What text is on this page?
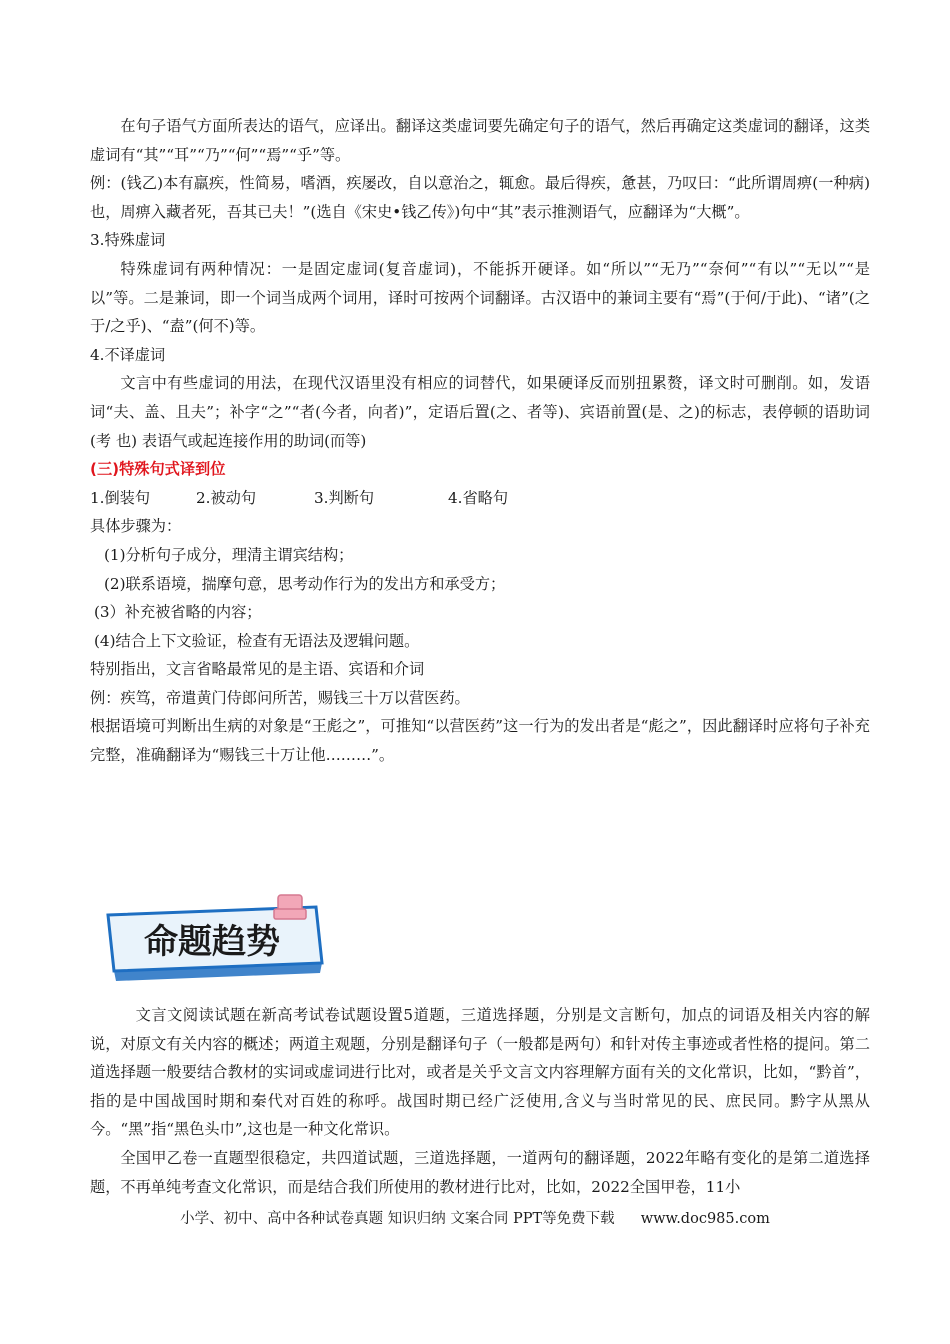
在句子语气方面所表达的语气，应译出。翻译这类虚词要先确定句子的语气，然后再确定这类虚词的翻译，这类虚词有“其”“耳”“乃”“何”“焉”“乎”等。

例：(钱乙)本有羸疾，性简易，嗜酒，疾屡改，自以意治之，辄愈。最后得疾，惫甚，乃叹曰：“此所谓周痹(一种病)也，周痹入藏者死，吾其已夫！”(选自《宋史•钱乙传》)句中“其”表示推测语气，应翻译为“大概”。

3.特殊虚词

特殊虚词有两种情况：一是固定虚词(复音虚词)，不能拆开硬译。如“所以”“无乃”“奈何”“有以”“无以”“是以”等。二是兼词，即一个词当成两个词用，译时可按两个词翻译。古汉语中的兼词主要有“焉”(于何/于此)、“诸”(之于/之乎)、“盍”(何不)等。

4.不译虚词

文言中有些虚词的用法，在现代汉语里没有相应的词替代，如果硬译反而别扭累赘，译文时可删削。如，发语词“夫、盖、且夫”；补字“之”“者(今者，向者)”，定语后置(之、者等)、宾语前置(是、之)的标志，表停顿的语助词(考 也) 表语气或起连接作用的助词(而等)

(三)特殊句式译到位

1.倒装句	2.被动句	3.判断句	4.省略句

具体步骤为：

(1)分析句子成分，理清主谓宾结构；

(2)联系语境，揣摩句意，思考动作行为的发出方和承受方；

(3）补充被省略的内容；

(4)结合上下文验证，检查有无语法及逻辑问题。

特别指出，文言省略最常见的是主语、宾语和介词

例：疾笃，帝遣黄门侍郎问所苦，赐钱三十万以营医药。

根据语境可判断出生病的对象是“王彪之”，可推知“以营医药”这一行为的发出者是“彪之”，因此翻译时应将句子补充完整，准确翻译为“赐钱三十万让他………”。

命题趋势

文言文阅读试题在新高考试卷试题设置5道题，三道选择题，分别是文言断句，加点的词语及相关内容的解说，对原文有关内容的概述；两道主观题，分别是翻译句子（一般都是两句）和针对传主事迹或者性格的提问。第二道选择题一般要结合教材的实词或虚词进行比对，或者是关乎文言文内容理解方面有关的文化常识，比如，“黔首”，指的是中国战国时期和秦代对百姓的称呼。战国时期已经广泛使用,含义与当时常见的民、庶民同。黔字从黑从今。“黑”指“黑色头巾”,这也是一种文化常识。

全国甲乙卷一直题型很稳定，共四道试题，三道选择题，一道两句的翻译题，2022年略有变化的是第二道选择题，不再单纯考查文化常识，而是结合我们所使用的教材进行比对，比如，2022全国甲卷，11小

小学、初中、高中各种试卷真题 知识归纳 文案合同 PPT等免费下载 www.doc985.com
